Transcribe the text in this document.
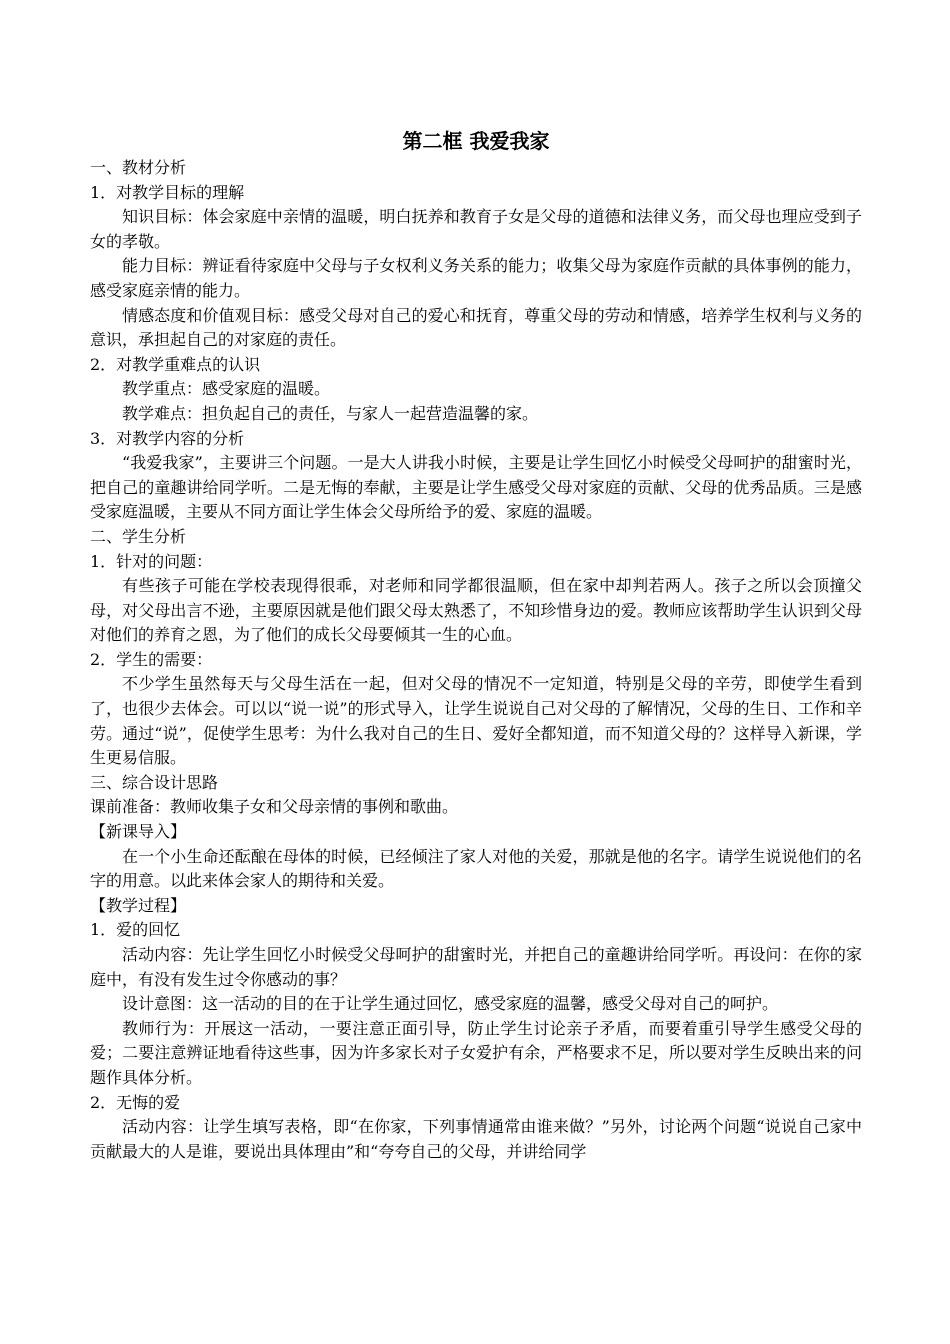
第二框 我爱我家

一、教材分析

1．对教学目标的理解

知识目标：体会家庭中亲情的温暖，明白抚养和教育子女是父母的道德和法律义务，而父母也理应受到子女的孝敬。

能力目标：辨证看待家庭中父母与子女权利义务关系的能力；收集父母为家庭作贡献的具体事例的能力，感受家庭亲情的能力。

情感态度和价值观目标：感受父母对自己的爱心和抚育，尊重父母的劳动和情感，培养学生权利与义务的意识，承担起自己的对家庭的责任。

2．对教学重难点的认识

教学重点：感受家庭的温暖。

教学难点：担负起自己的责任，与家人一起营造温馨的家。

3．对教学内容的分析

“我爱我家”，主要讲三个问题。一是大人讲我小时候，主要是让学生回忆小时候受父母呵护的甜蜜时光，把自己的童趣讲给同学听。二是无悔的奉献，主要是让学生感受父母对家庭的贡献、父母的优秀品质。三是感受家庭温暖，主要从不同方面让学生体会父母所给予的爱、家庭的温暖。

二、学生分析

1．针对的问题：

有些孩子可能在学校表现得很乖，对老师和同学都很温顺，但在家中却判若两人。孩子之所以会顶撞父母，对父母出言不逊，主要原因就是他们跟父母太熟悉了，不知珍惜身边的爱。教师应该帮助学生认识到父母对他们的养育之恩，为了他们的成长父母要倾其一生的心血。

2．学生的需要：

不少学生虽然每天与父母生活在一起，但对父母的情况不一定知道，特别是父母的辛劳，即使学生看到了，也很少去体会。可以以“说一说”的形式导入，让学生说说自己对父母的了解情况，父母的生日、工作和辛劳。通过“说”，促使学生思考：为什么我对自己的生日、爱好全都知道，而不知道父母的？这样导入新课，学生更易信服。

三、综合设计思路

课前准备：教师收集子女和父母亲情的事例和歌曲。

【新课导入】

在一个小生命还酝酿在母体的时候，已经倾注了家人对他的关爱，那就是他的名字。请学生说说他们的名字的用意。以此来体会家人的期待和关爱。

【教学过程】

1．爱的回忆

活动内容：先让学生回忆小时候受父母呵护的甜蜜时光，并把自己的童趣讲给同学听。再设问：在你的家庭中，有没有发生过令你感动的事？

设计意图：这一活动的目的在于让学生通过回忆，感受家庭的温馨，感受父母对自己的呵护。

教师行为：开展这一活动，一要注意正面引导，防止学生讨论亲子矛盾，而要着重引导学生感受父母的爱；二要注意辨证地看待这些事，因为许多家长对子女爱护有余，严格要求不足，所以要对学生反映出来的问题作具体分析。

2．无悔的爱

活动内容：让学生填写表格，即“在你家，下列事情通常由谁来做？”另外，讨论两个问题“说说自己家中贡献最大的人是谁，要说出具体理由”和“夸夸自己的父母，并讲给同学
